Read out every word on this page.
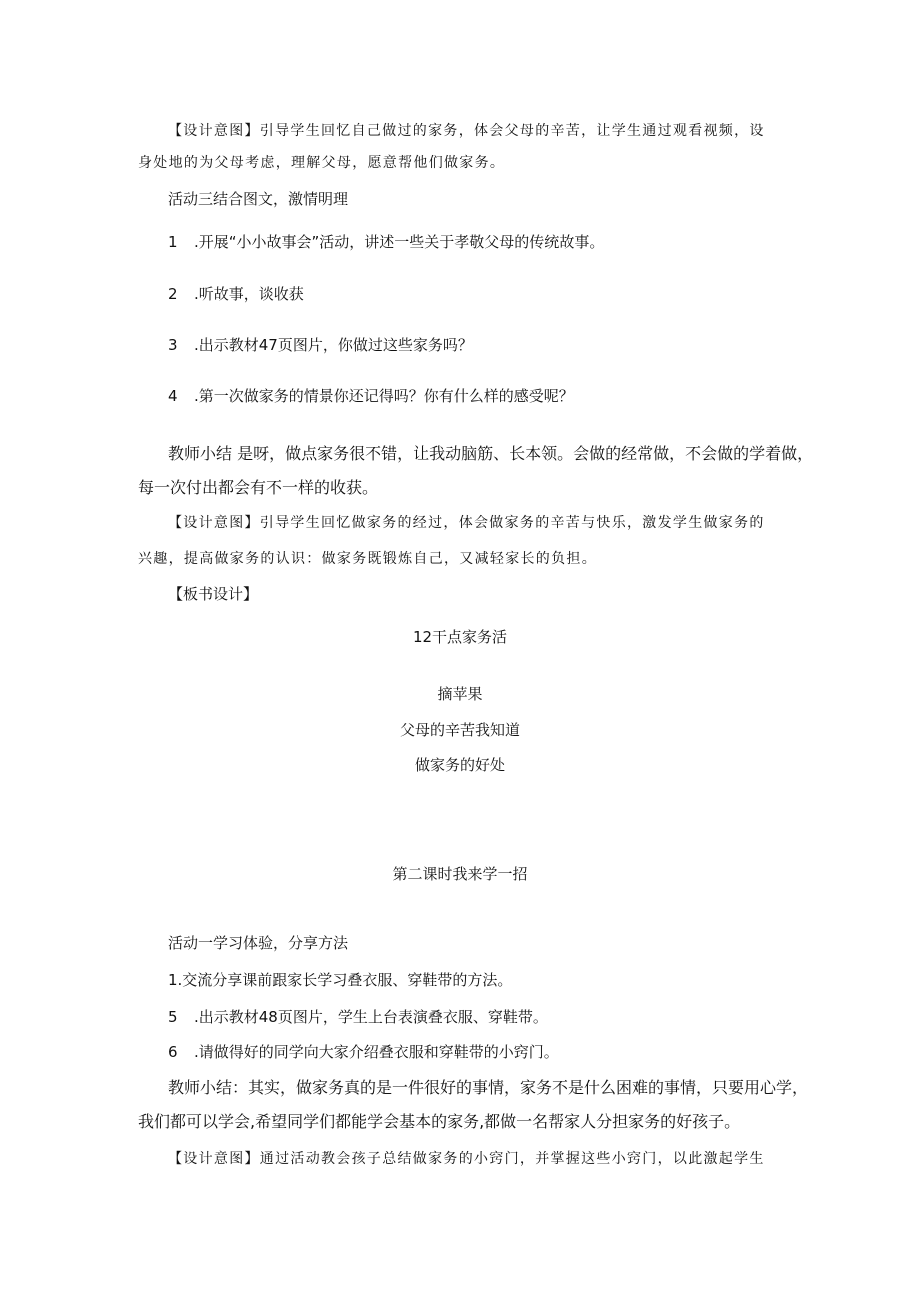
【设计意图】引导学生回忆自己做过的家务，体会父母的辛苦，让学生通过观看视频，设
身处地的为父母考虑，理解父母，愿意帮他们做家务。
活动三结合图文，激情明理
1 .开展“小小故事会”活动，讲述一些关于孝敬父母的传统故事。
2 .听故事，谈收获
3 .出示教材47页图片，你做过这些家务吗？
4 .第一次做家务的情景你还记得吗？你有什么样的感受呢？
教师小结 是呀，做点家务很不错，让我动脑筋、长本领。会做的经常做，不会做的学着做，
每一次付出都会有不一样的收获。
【设计意图】引导学生回忆做家务的经过，体会做家务的辛苦与快乐，激发学生做家务的
兴趣，提高做家务的认识：做家务既锻炼自己，又减轻家长的负担。
【板书设计】
12干点家务活
摘苹果
父母的辛苦我知道
做家务的好处
第二课时我来学一招
活动一学习体验，分享方法
1.交流分享课前跟家长学习叠衣服、穿鞋带的方法。
5 .出示教材48页图片，学生上台表演叠衣服、穿鞋带。
6 .请做得好的同学向大家介绍叠衣服和穿鞋带的小窍门。
教师小结：其实，做家务真的是一件很好的事情，家务不是什么困难的事情，只要用心学，
我们都可以学会,希望同学们都能学会基本的家务,都做一名帮家人分担家务的好孩子。
【设计意图】通过活动教会孩子总结做家务的小窍门，并掌握这些小窍门，以此激起学生
